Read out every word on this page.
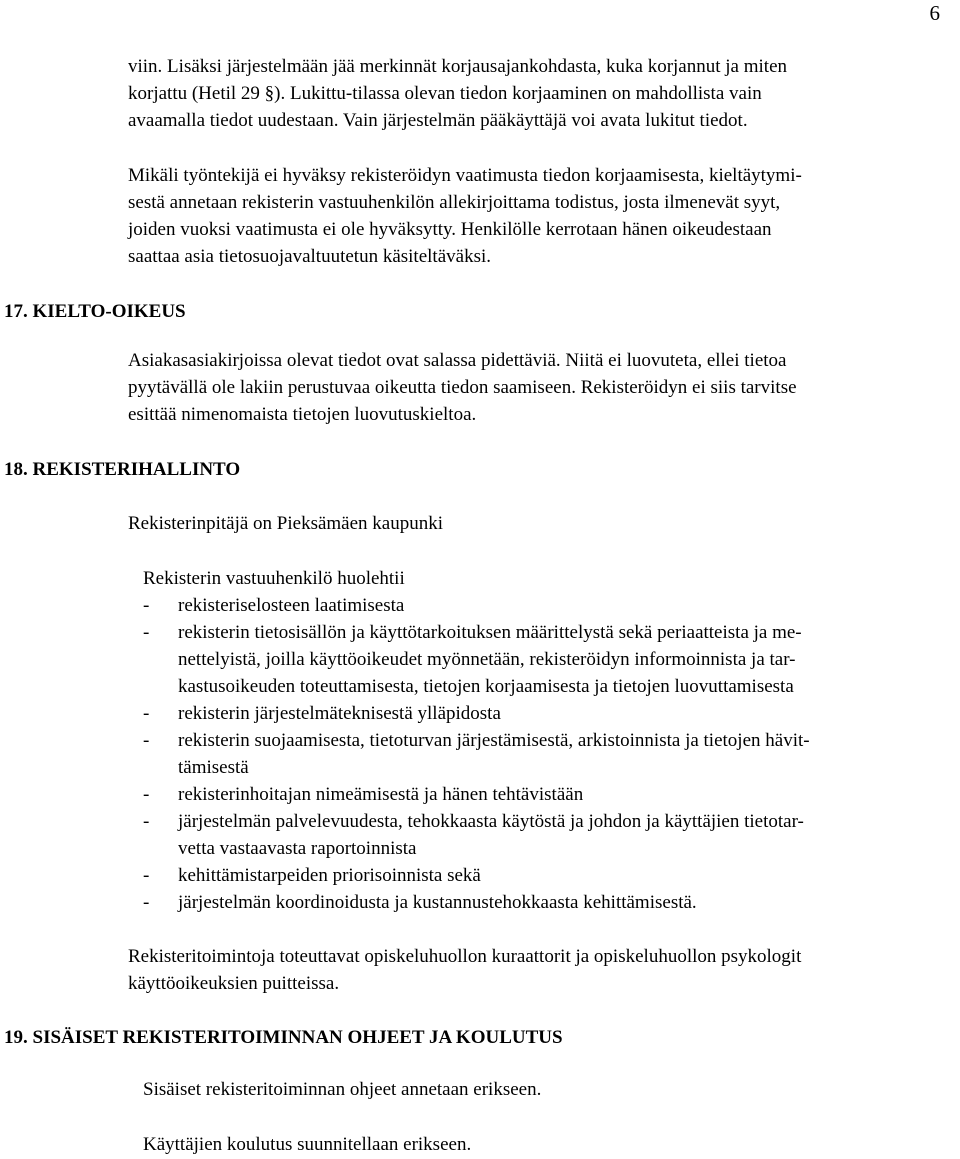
6
viin. Lisäksi järjestelmään jää merkinnät korjausajankohdasta, kuka korjannut ja miten
korjattu (Hetil 29 §). Lukittu-tilassa olevan tiedon korjaaminen on mahdollista vain
avaamalla tiedot uudestaan. Vain järjestelmän pääkäyttäjä voi avata lukitut tiedot.
Mikäli työntekijä ei hyväksy rekisteröidyn vaatimusta tiedon korjaamisesta, kieltäytymi-
sestä annetaan rekisterin vastuuhenkilön allekirjoittama todistus, josta ilmenevät syyt,
joiden vuoksi vaatimusta ei ole hyväksytty. Henkilölle kerrotaan hänen oikeudestaan
saattaa asia tietosuojavaltuutetun käsiteltäväksi.
17. KIELTO-OIKEUS
Asiakasasiakirjoissa olevat tiedot ovat salassa pidettäviä. Niitä ei luovuteta, ellei tietoa
pyytävällä ole lakiin perustuvaa oikeutta tiedon saamiseen. Rekisteröidyn ei siis tarvitse
esittää nimenomaista tietojen luovutuskieltoa.
18. REKISTERIHALLINTO
Rekisterinpitäjä on Pieksämäen kaupunki
Rekisterin vastuuhenkilö huolehtii
- rekisteriselosteen laatimisesta
- rekisterin tietosisällön ja käyttötarkoituksen määrittelystä sekä periaatteista ja me-
nettelyistä, joilla käyttöoikeudet myönnetään, rekisteröidyn informoinnista ja tar-
kastusoikeuden toteuttamisesta, tietojen korjaamisesta ja tietojen luovuttamisesta
- rekisterin järjestelmäteknisestä ylläpidosta
- rekisterin suojaamisesta, tietoturvan järjestämisestä, arkistoinnista ja tietojen hävit-
tämisestä
- rekisterinhoitajan nimeämisestä ja hänen tehtävistään
- järjestelmän palvelevuudesta, tehokkaasta käytöstä ja johdon ja käyttäjien tietotar-
vetta vastaavasta raportoinnista
- kehittämistarpeiden priorisoinnista sekä
- järjestelmän koordinoidusta ja kustannustehokkaasta kehittämisestä.
Rekisteritoimintoja toteuttavat opiskeluhuollon kuraattorit ja opiskeluhuollon psykologit
käyttöoikeuksien puitteissa.
19. SISÄISET REKISTERITOIMINNAN OHJEET JA KOULUTUS
Sisäiset rekisteritoiminnan ohjeet annetaan erikseen.
Käyttäjien koulutus suunnitellaan erikseen.
